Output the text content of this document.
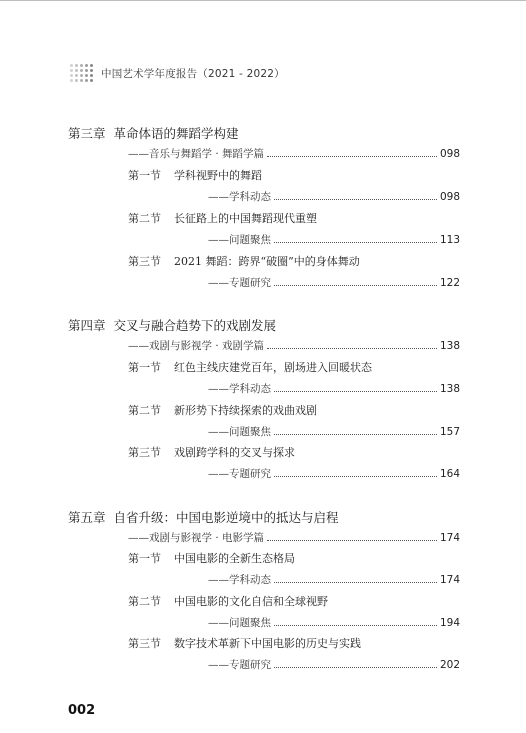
中国艺术学年度报告（2021 - 2022）
第三章 革命体语的舞蹈学构建
——音乐与舞蹈学 · 舞蹈学篇	098
第一节	学科视野中的舞蹈
——学科动态	098
第二节	长征路上的中国舞蹈现代重塑
——问题聚焦	113
第三节	2021 舞蹈：跨界“破圈”中的身体舞动
——专题研究	122
第四章 交叉与融合趋势下的戏剧发展
——戏剧与影视学 · 戏剧学篇	138
第一节	红色主线庆建党百年，剧场进入回暖状态
——学科动态	138
第二节	新形势下持续探索的戏曲戏剧
——问题聚焦	157
第三节	戏剧跨学科的交叉与探求
——专题研究	164
第五章 自省升级：中国电影逆境中的抵达与启程
——戏剧与影视学 · 电影学篇	174
第一节	中国电影的全新生态格局
——学科动态	174
第二节	中国电影的文化自信和全球视野
——问题聚焦	194
第三节	数字技术革新下中国电影的历史与实践
——专题研究	202
002
